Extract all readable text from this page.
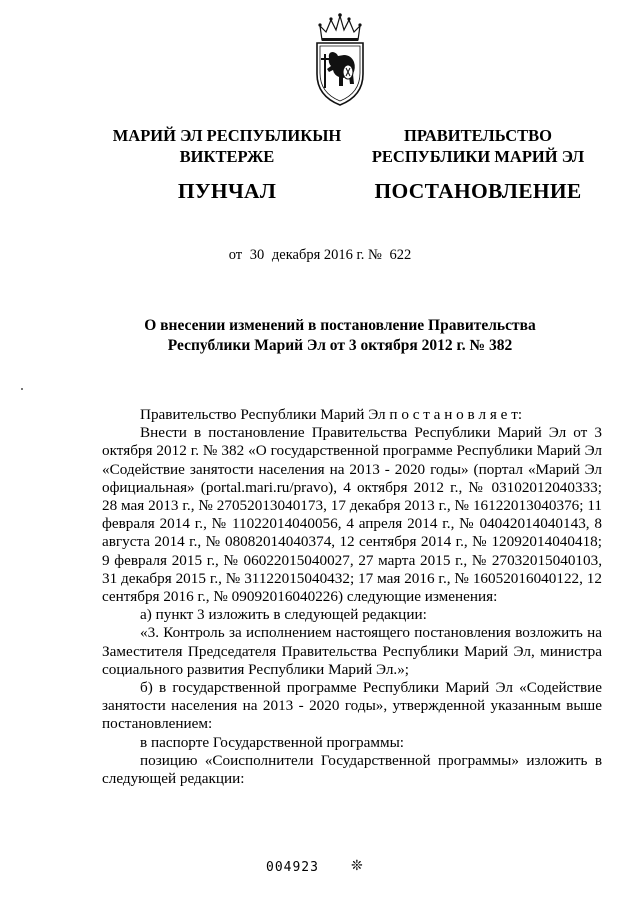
МАРИЙ ЭЛ РЕСПУБЛИКЫН
ВИКТЕРЖЕ
ПУНЧАЛ
ПРАВИТЕЛЬСТВО
РЕСПУБЛИКИ МАРИЙ ЭЛ
ПОСТАНОВЛЕНИЕ
от 30 декабря 2016 г. № 622
О внесении изменений в постановление Правительства
Республики Марий Эл от 3 октября 2012 г. № 382

Правительство Республики Марий Эл п о с т а н о в л я е т:

Внести в постановление Правительства Республики Марий Эл от 3 октября 2012 г. № 382 «О государственной программе Республики Марий Эл «Содействие занятости населения на 2013 - 2020 годы» (портал «Марий Эл официальная» (portal.mari.ru/pravo), 4 октября 2012 г., № 03102012040333; 28 мая 2013 г., № 27052013040173, 17 декабря 2013 г., № 16122013040376; 11 февраля 2014 г., № 11022014040056, 4 апреля 2014 г., № 04042014040143, 8 августа 2014 г., № 08082014040374, 12 сентября 2014 г., № 12092014040418; 9 февраля 2015 г., № 06022015040027, 27 марта 2015 г., № 27032015040103, 31 декабря 2015 г., № 31122015040432; 17 мая 2016 г., № 16052016040122, 12 сентября 2016 г., № 09092016040226) следующие изменения:

а) пункт 3 изложить в следующей редакции:

«3. Контроль за исполнением настоящего постановления возложить на Заместителя Председателя Правительства Республики Марий Эл, министра социального развития Республики Марий Эл.»;

б) в государственной программе Республики Марий Эл «Содействие занятости населения на 2013 - 2020 годы», утвержденной указанным выше постановлением:

в паспорте Государственной программы:

позицию «Соисполнители Государственной программы» изложить в следующей редакции:

004923 ❊
